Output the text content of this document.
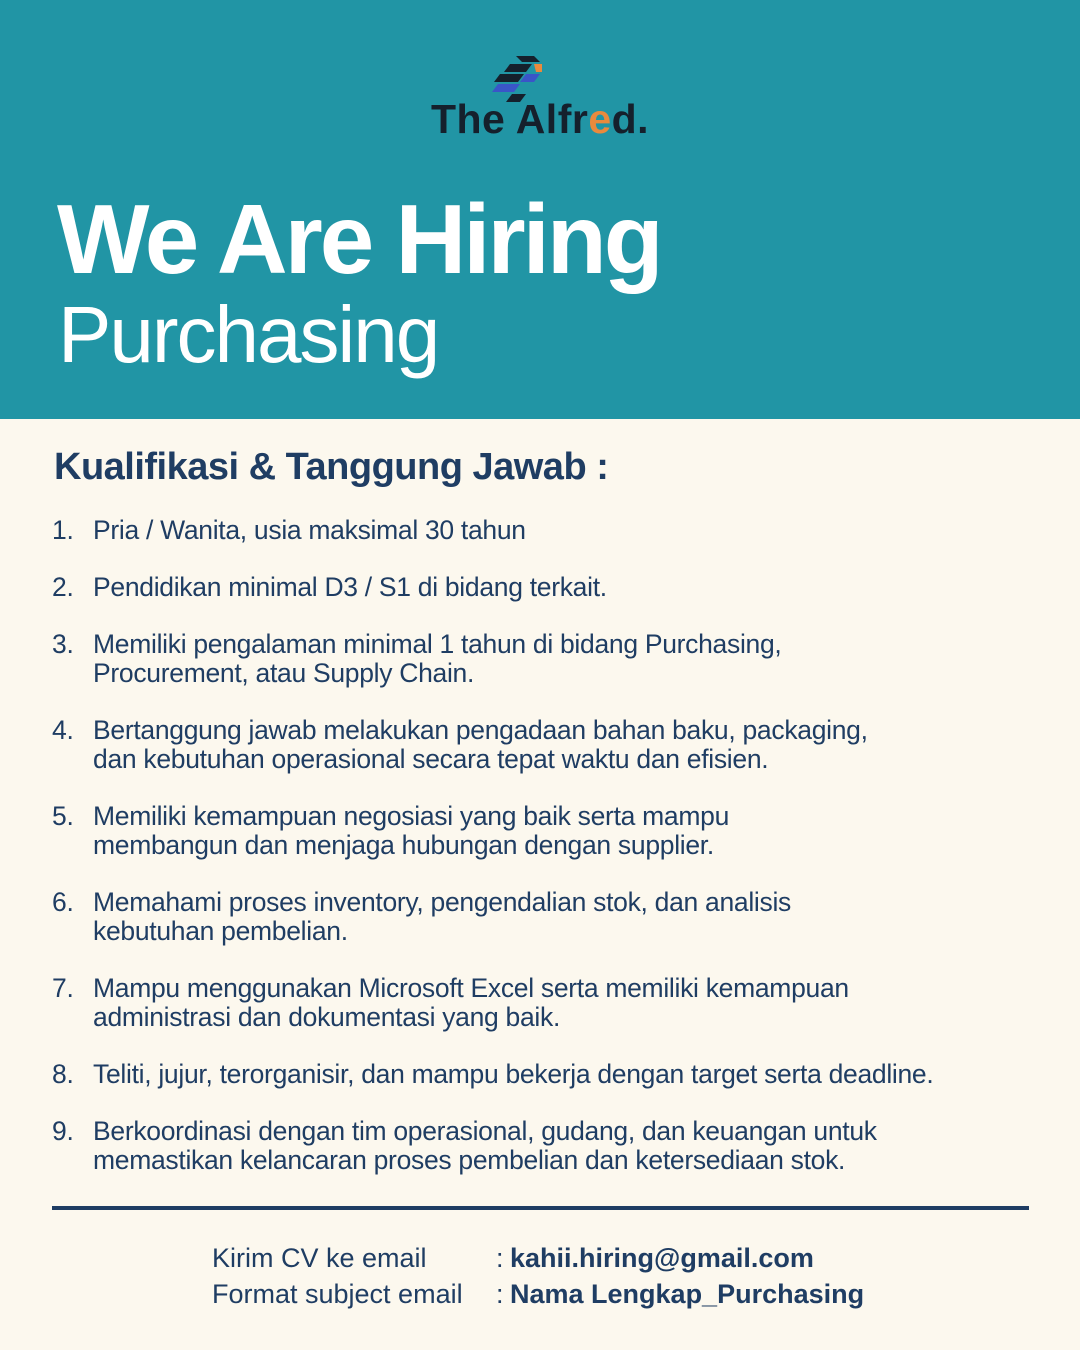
The Alfred.
We Are Hiring
Purchasing
Kualifikasi & Tanggung Jawab :
1. Pria / Wanita, usia maksimal 30 tahun
2. Pendidikan minimal D3 / S1 di bidang terkait.
3. Memiliki pengalaman minimal 1 tahun di bidang Purchasing,
Procurement, atau Supply Chain.
4. Bertanggung jawab melakukan pengadaan bahan baku, packaging,
dan kebutuhan operasional secara tepat waktu dan efisien.
5. Memiliki kemampuan negosiasi yang baik serta mampu
membangun dan menjaga hubungan dengan supplier.
6. Memahami proses inventory, pengendalian stok, dan analisis
kebutuhan pembelian.
7. Mampu menggunakan Microsoft Excel serta memiliki kemampuan
administrasi dan dokumentasi yang baik.
8. Teliti, jujur, terorganisir, dan mampu bekerja dengan target serta deadline.
9. Berkoordinasi dengan tim operasional, gudang, dan keuangan untuk
memastikan kelancaran proses pembelian dan ketersediaan stok.
Kirim CV ke email	: kahii.hiring@gmail.com
Format subject email	: Nama Lengkap_Purchasing
